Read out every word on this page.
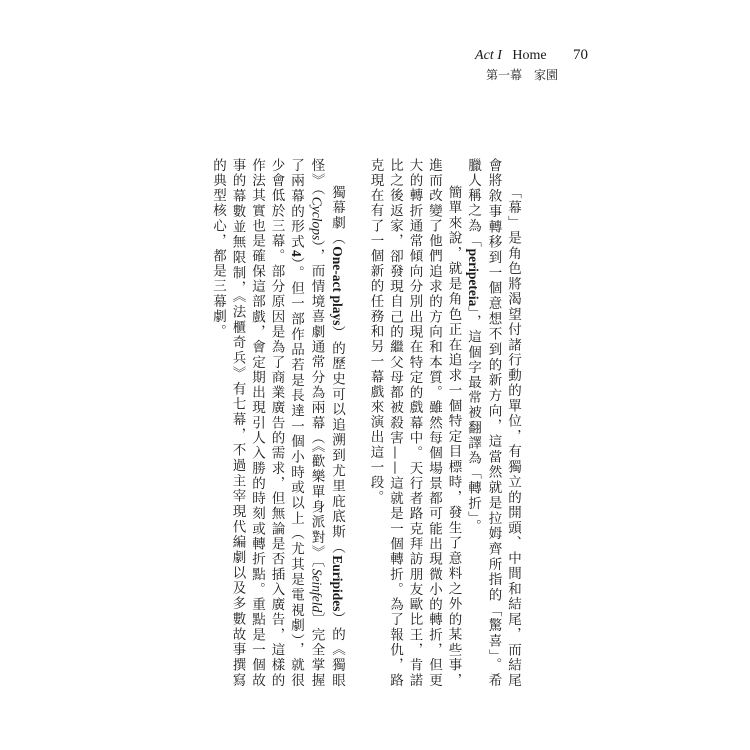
Act I Home 70
第一幕　家園

「幕」是角色將渴望付諸行動的單位，有獨立的開頭、中間和結尾，而結尾會將敘事轉移到一個意想不到的新方向，這當然就是拉姆齊所指的「驚喜」。希臘人稱之為「peripeteia」，這個字最常被翻譯為「轉折」。

簡單來說，就是角色正在追求一個特定目標時，發生了意料之外的某些事，進而改變了他們追求的方向和本質。雖然每個場景都可能出現微小的轉折，但更大的轉折通常傾向分別出現在特定的戲幕中。天行者路克拜訪朋友歐比王，肯諾比之後返家，卻發現自己的繼父母都被殺害——這就是一個轉折。為了報仇，路克現在有了一個新的任務和另一幕戲來演出這一段。

獨幕劇（One-act plays）的歷史可以追溯到尤里庇底斯（Euripides）的《獨眼怪》（Cyclops），而情境喜劇通常分為兩幕（《歡樂單身派對》〔Seinfeld〕完全掌握了兩幕的形式4）。但一部作品若是長達一個小時或以上（尤其是電視劇），就很少會低於三幕。部分原因是為了商業廣告的需求，但無論是否插入廣告，這樣的作法其實也是確保這部戲，會定期出現引人入勝的時刻或轉折點。重點是一個故事的幕數並無限制，《法櫃奇兵》有七幕，不過主宰現代編劇以及多數故事撰寫的典型核心，都是三幕劇。
